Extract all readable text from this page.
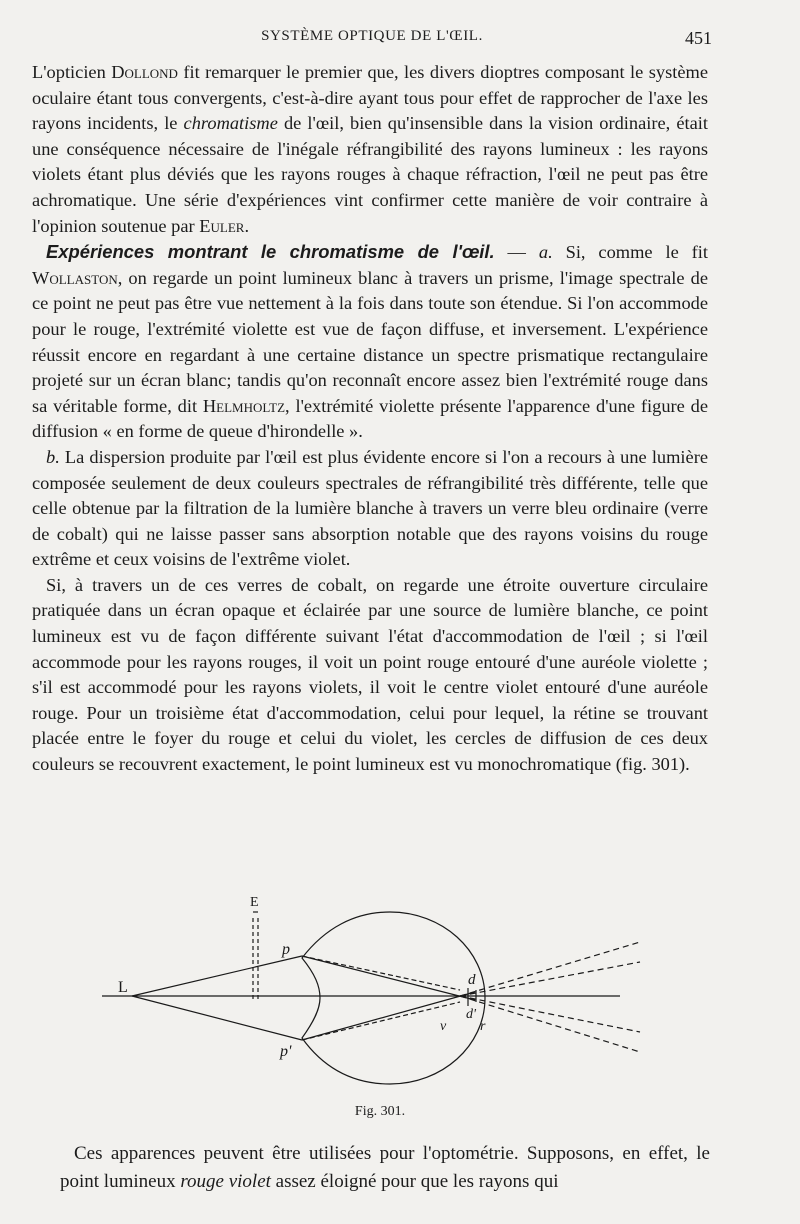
SYSTÈME OPTIQUE DE L'ŒIL.	451

L'opticien Dollond fit remarquer le premier que, les divers dioptres composant le système oculaire étant tous convergents, c'est-à-dire ayant tous pour effet de rapprocher de l'axe les rayons incidents, le chromatisme de l'œil, bien qu'insensible dans la vision ordinaire, était une conséquence nécessaire de l'inégale réfrangibilité des rayons lumineux : les rayons violets étant plus déviés que les rayons rouges à chaque réfraction, l'œil ne peut pas être achromatique. Une série d'expériences vint confirmer cette manière de voir contraire à l'opinion soutenue par Euler.

Expériences montrant le chromatisme de l'œil. — a. Si, comme le fit Wollaston, on regarde un point lumineux blanc à travers un prisme, l'image spectrale de ce point ne peut pas être vue nettement à la fois dans toute son étendue. Si l'on accommode pour le rouge, l'extrémité violette est vue de façon diffuse, et inversement. L'expérience réussit encore en regardant à une certaine distance un spectre prismatique rectangulaire projeté sur un écran blanc; tandis qu'on reconnaît encore assez bien l'extrémité rouge dans sa véritable forme, dit Helmholtz, l'extrémité violette présente l'apparence d'une figure de diffusion « en forme de queue d'hirondelle ».

b. La dispersion produite par l'œil est plus évidente encore si l'on a recours à une lumière composée seulement de deux couleurs spectrales de réfrangibilité très différente, telle que celle obtenue par la filtration de la lumière blanche à travers un verre bleu ordinaire (verre de cobalt) qui ne laisse passer sans absorption notable que des rayons voisins du rouge extrême et ceux voisins de l'extrême violet.

Si, à travers un de ces verres de cobalt, on regarde une étroite ouverture circulaire pratiquée dans un écran opaque et éclairée par une source de lumière blanche, ce point lumineux est vu de façon différente suivant l'état d'accommodation de l'œil ; si l'œil accommode pour les rayons rouges, il voit un point rouge entouré d'une auréole violette ; s'il est accommodé pour les rayons violets, il voit le centre violet entouré d'une auréole rouge. Pour un troisième état d'accommodation, celui pour lequel, la rétine se trouvant placée entre le foyer du rouge et celui du violet, les cercles de diffusion de ces deux couleurs se recouvrent exactement, le point lumineux est vu monochromatique (fig. 301).

L
E
p
p'
d
d'
v r
Fig. 301.

Ces apparences peuvent être utilisées pour l'optométrie. Supposons, en effet, le point lumineux rouge violet assez éloigné pour que les rayons qui
